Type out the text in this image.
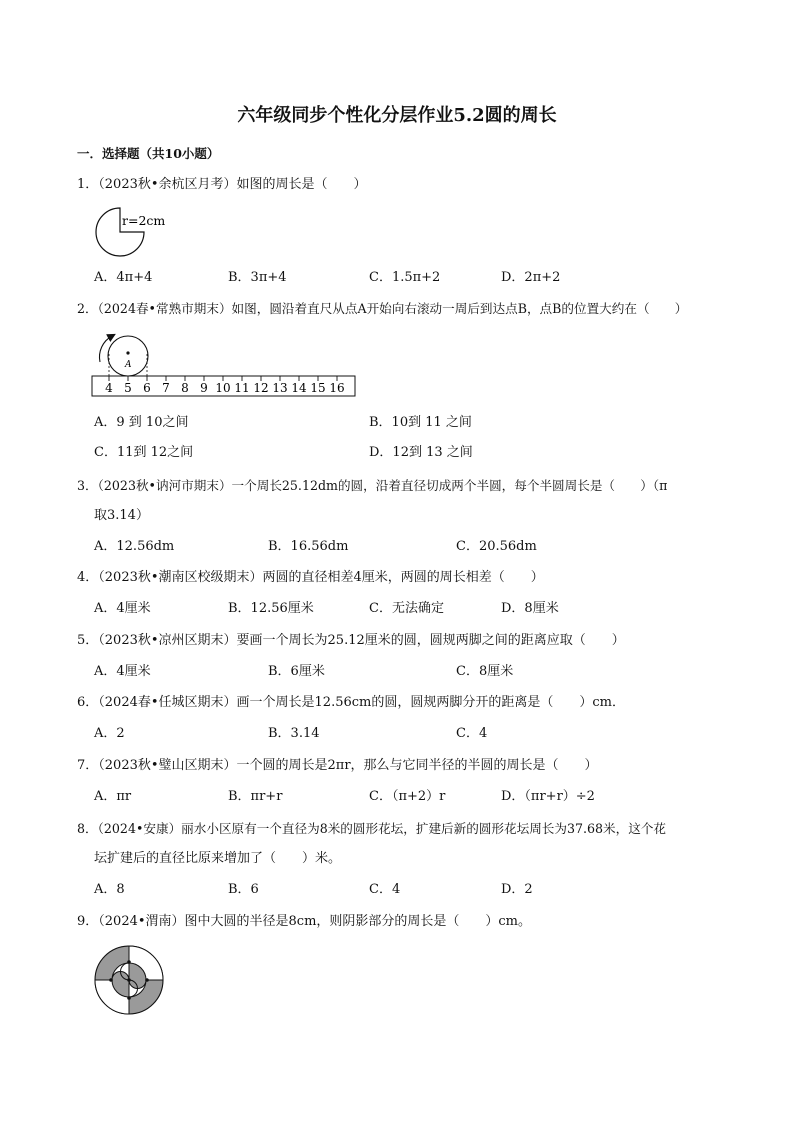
六年级同步个性化分层作业5.2圆的周长
一．选择题（共10小题）
1．（2023秋•余杭区月考）如图的周长是（　　）
r=2cm
A．4π+4	B．3π+4	C．1.5π+2	D．2π+2
2．（2024春•常熟市期末）如图，圆沿着直尺从点A开始向右滚动一周后到达点B，点B的位置大约在（　　）
A
4 5 6 7 8 9 10 11 12 13 14 15 16
A．9 到 10之间	B．10到 11 之间
C．11到 12之间	D．12到 13 之间
3．（2023秋•讷河市期末）一个周长25.12dm的圆，沿着直径切成两个半圆，每个半圆周长是（　　）（π
取3.14）
A．12.56dm	B．16.56dm	C．20.56dm
4．（2023秋•潮南区校级期末）两圆的直径相差4厘米，两圆的周长相差（　　）
A．4厘米	B．12.56厘米	C．无法确定	D．8厘米
5．（2023秋•凉州区期末）要画一个周长为25.12厘米的圆，圆规两脚之间的距离应取（　　）
A．4厘米	B．6厘米	C．8厘米
6．（2024春•任城区期末）画一个周长是12.56cm的圆，圆规两脚分开的距离是（　　）cm．
A．2	B．3.14	C．4
7．（2023秋•璧山区期末）一个圆的周长是2πr，那么与它同半径的半圆的周长是（　　）
A．πr	B．πr+r	C．（π+2）r	D．（πr+r）÷2
8．（2024•安康）丽水小区原有一个直径为8米的圆形花坛，扩建后新的圆形花坛周长为37.68米，这个花
坛扩建后的直径比原来增加了（　　）米。
A．8	B．6	C．4	D．2
9．（2024•渭南）图中大圆的半径是8cm，则阴影部分的周长是（　　）cm。
